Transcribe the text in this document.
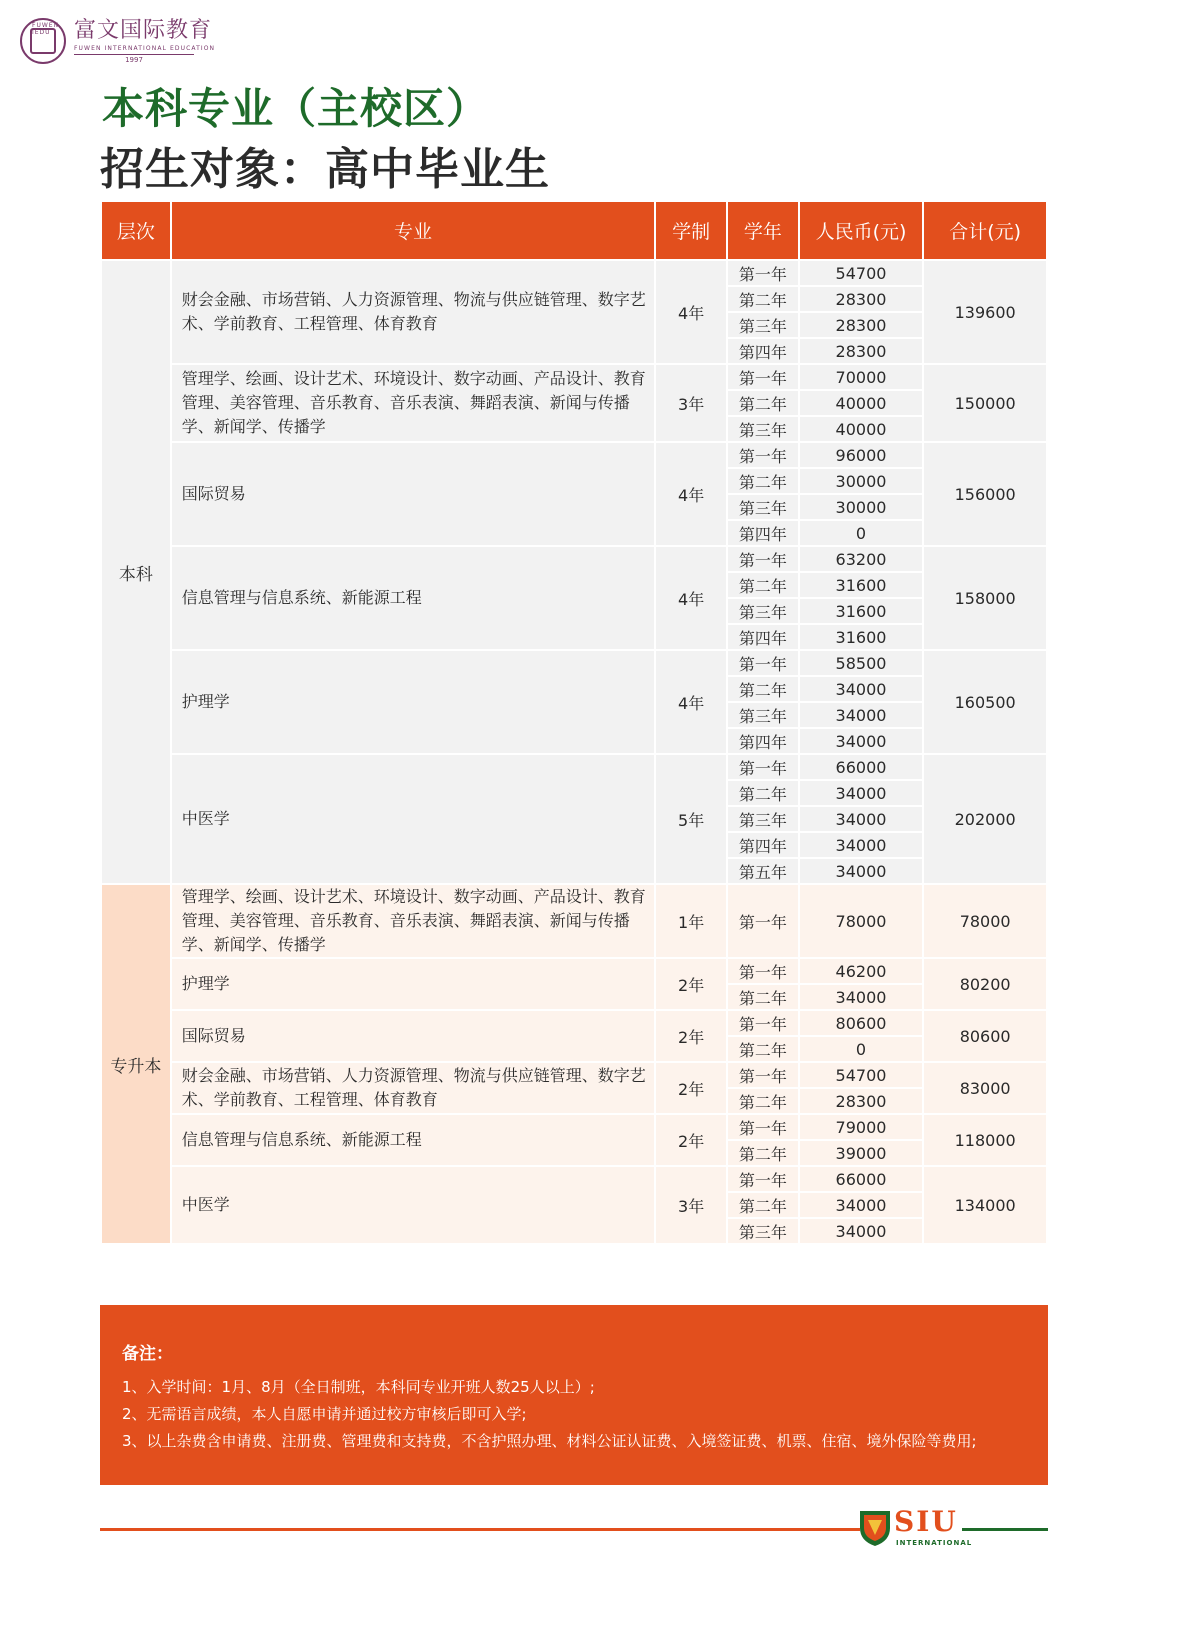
FUWEN IEDU	富文国际教育
FUWEN INTERNATIONAL EDUCATION
1997
本科专业（主校区）
招生对象：高中毕业生
层次	专业	学制	学年	人民币(元)	合计(元)
本科	财会金融、市场营销、人力资源管理、物流与供应链管理、数字艺术、学前教育、工程管理、体育教育	4年	第一年	54700	139600
			第二年	28300	
			第三年	28300	
			第四年	28300	
	管理学、绘画、设计艺术、环境设计、数字动画、产品设计、教育管理、美容管理、音乐教育、音乐表演、舞蹈表演、新闻与传播学、新闻学、传播学	3年	第一年	70000	150000
			第二年	40000	
			第三年	40000	
	国际贸易	4年	第一年	96000	156000
			第二年	30000	
			第三年	30000	
			第四年	0	
	信息管理与信息系统、新能源工程	4年	第一年	63200	158000
			第二年	31600	
			第三年	31600	
			第四年	31600	
	护理学	4年	第一年	58500	160500
			第二年	34000	
			第三年	34000	
			第四年	34000	
	中医学	5年	第一年	66000	202000
			第二年	34000	
			第三年	34000	
			第四年	34000	
			第五年	34000	
专升本	管理学、绘画、设计艺术、环境设计、数字动画、产品设计、教育管理、美容管理、音乐教育、音乐表演、舞蹈表演、新闻与传播学、新闻学、传播学	1年	第一年	78000	78000
	护理学	2年	第一年	46200	80200
			第二年	34000	
	国际贸易	2年	第一年	80600	80600
			第二年	0	
	财会金融、市场营销、人力资源管理、物流与供应链管理、数字艺术、学前教育、工程管理、体育教育	2年	第一年	54700	83000
			第二年	28300	
	信息管理与信息系统、新能源工程	2年	第一年	79000	118000
			第二年	39000	
	中医学	3年	第一年	66000	134000
			第二年	34000	
			第三年	34000	
备注：
1、入学时间：1月、8月（全日制班，本科同专业开班人数25人以上）;
2、无需语言成绩，本人自愿申请并通过校方审核后即可入学;
3、以上杂费含申请费、注册费、管理费和支持费，不含护照办理、材料公证认证费、入境签证费、机票、住宿、境外保险等费用;
SIU
INTERNATIONAL
